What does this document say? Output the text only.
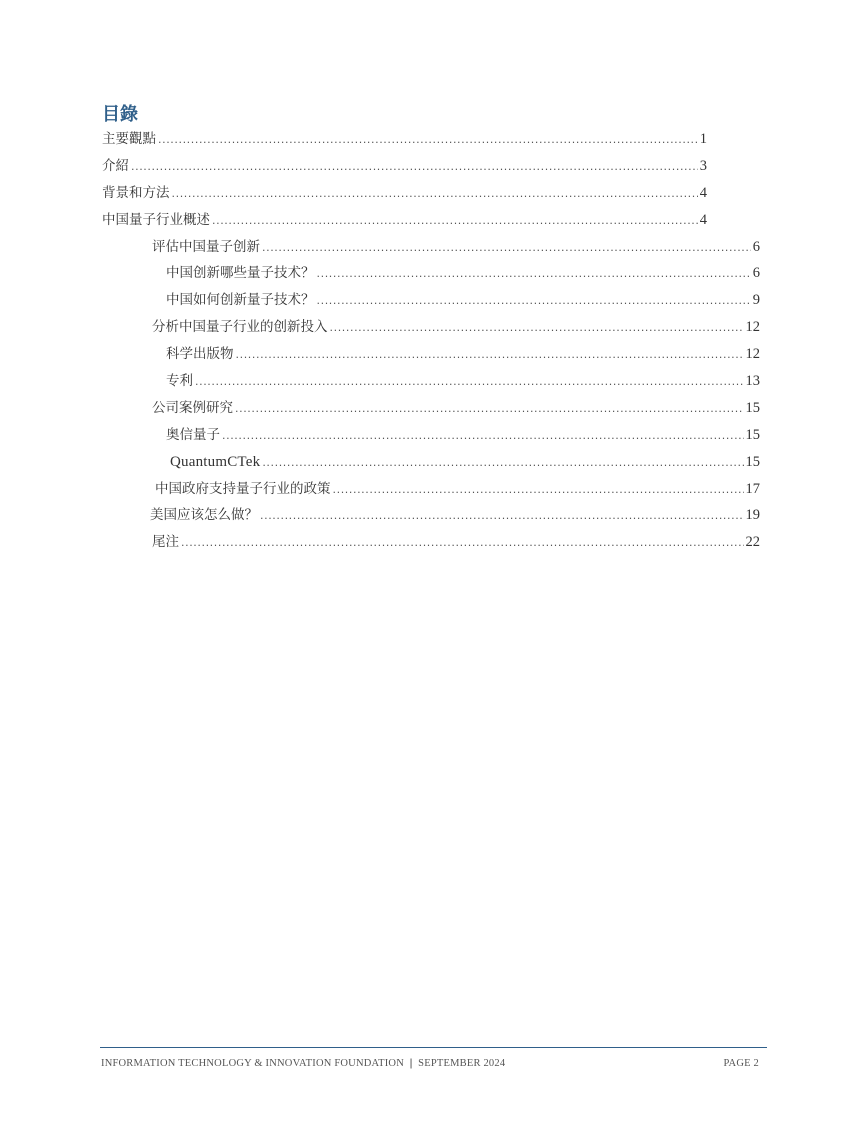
目錄
主要觀點 .....	1
介紹 .....	3
背景和方法 .....	4
中国量子行业概述 .....	4
评估中国量子创新 .....	6
中国创新哪些量子技术？ .....	6
中国如何创新量子技术？ .....	9
分析中国量子行业的创新投入 .....	12
科学出版物 .....	12
专利 .....	13
公司案例研究 .....	15
奥信量子 .....	15
QuantumCTek .....	15
中国政府支持量子行业的政策 .....	17
美国应该怎么做？ .....	19
尾注 .....	22
INFORMATION TECHNOLOGY & INNOVATION FOUNDATION | SEPTEMBER 2024	PAGE 2
